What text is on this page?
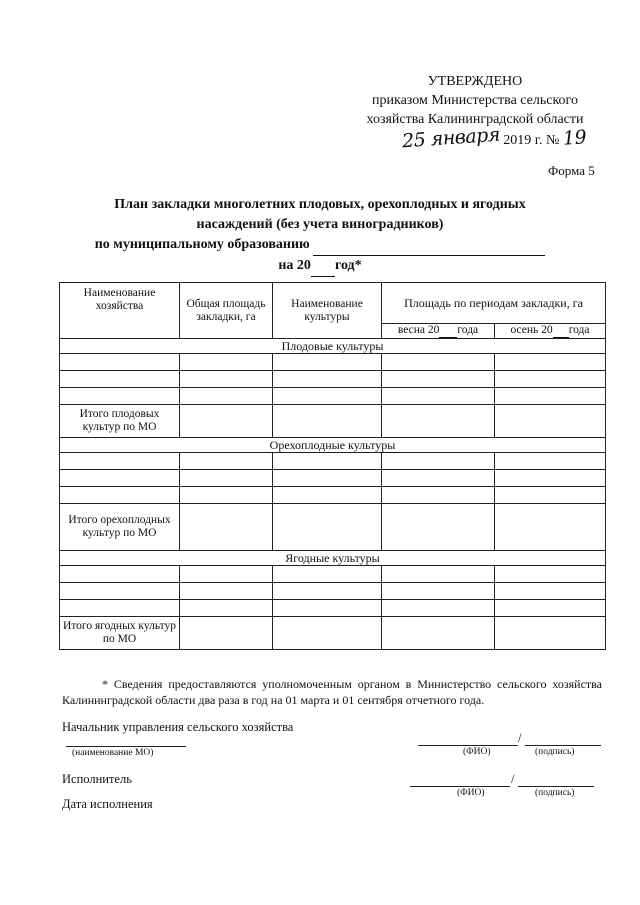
УТВЕРЖДЕНО
приказом Министерства сельского
хозяйства Калининградской области
25 января 2019 г. № 19
Форма 5
План закладки многолетних плодовых, орехоплодных и ягодных
насаждений (без учета виноградников)
по муниципальному образованию
на 20 год*
Наименование хозяйства	Общая площадь закладки, га	Наименование культуры	Площадь по периодам закладки, га	
			весна 20 года	осень 20 года
Плодовые культуры				

Итого плодовых культур по МО				
Орехоплодные культуры				

Итого орехоплодных культур по МО				
Ягодные культуры				

Итого ягодных культур по МО				
* Сведения предоставляются уполномоченным органом в Министерство сельского хозяйства Калининградской области два раза в год на 01 марта и 01 сентября отчетного года.
Начальник управления сельского хозяйства
(наименование МО)
/
(ФИО)	(подпись)
Исполнитель	/
(ФИО)	(подпись)
Дата исполнения
